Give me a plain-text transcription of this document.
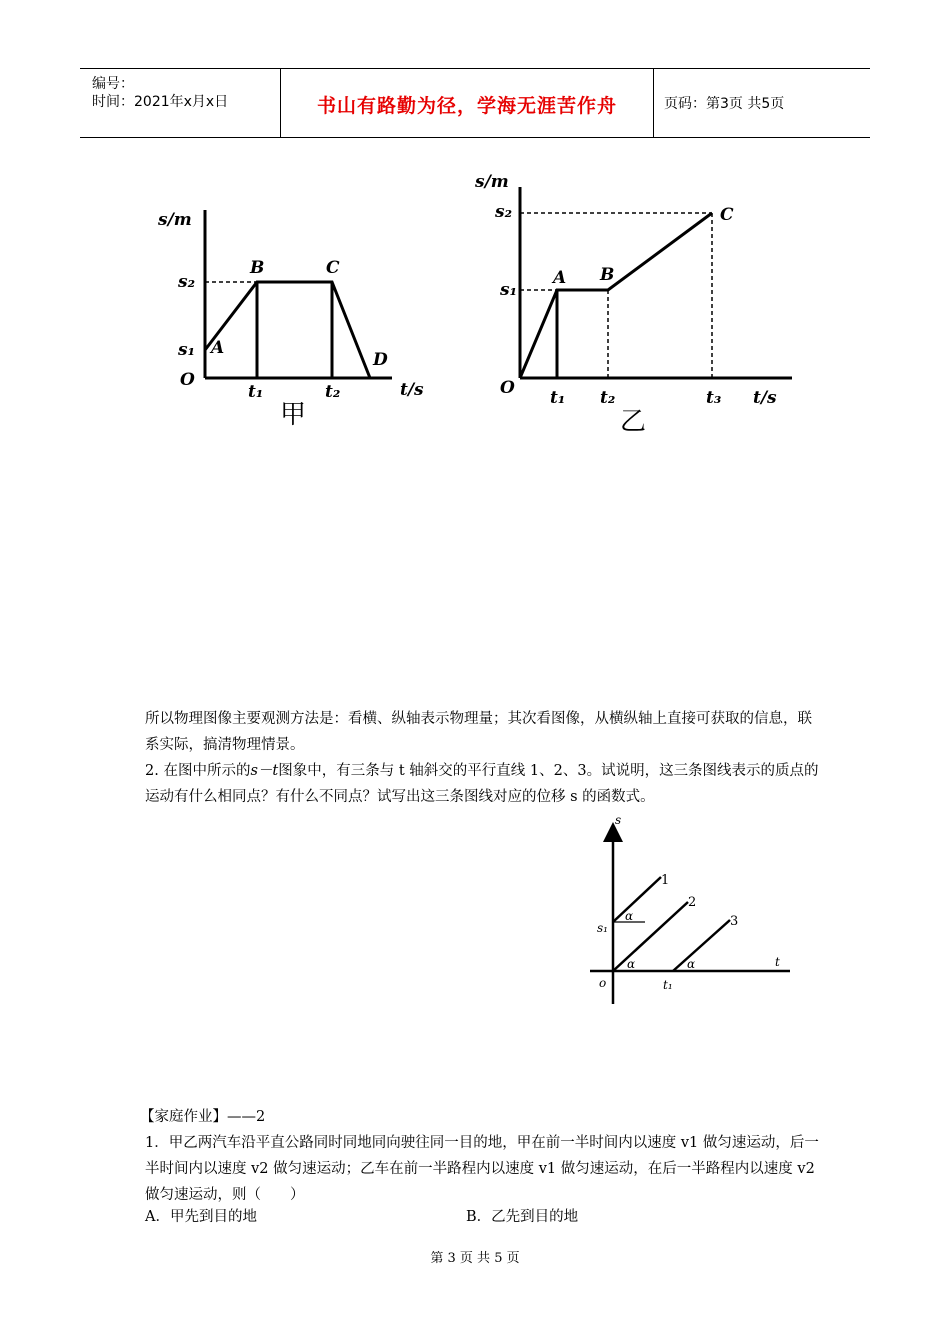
编号：
时间：2021年x月x日	书山有路勤为径，学海无涯苦作舟	页码：第3页 共5页
s/m
t/s
O
A
B	C
D
s₂
s₁
t₁	t₂
甲
s/m
t/s
O
A B
C
s₂
s₁
t₁ t₂	t₃
乙
所以物理图像主要观测方法是：看横、纵轴表示物理量；其次看图像，从横纵轴上直接可获取的信息，联系实际，搞清物理情景。
2. 在图中所示的s－t图象中，有三条与 t 轴斜交的平行直线 1、2、3。试说明，这三条图线表示的质点的运动有什么相同点？有什么不同点？试写出这三条图线对应的位移 s 的函数式。
s
t
o
s₁
t₁
α
α	α
1
2
3
【家庭作业】——2
1．甲乙两汽车沿平直公路同时同地同向驶往同一目的地，甲在前一半时间内以速度 v1 做匀速运动，后一半时间内以速度 v2 做匀速运动；乙车在前一半路程内以速度 v1 做匀速运动，在后一半路程内以速度 v2 做匀速运动，则（　　）
A．甲先到目的地	B．乙先到目的地
第 3 页 共 5 页
